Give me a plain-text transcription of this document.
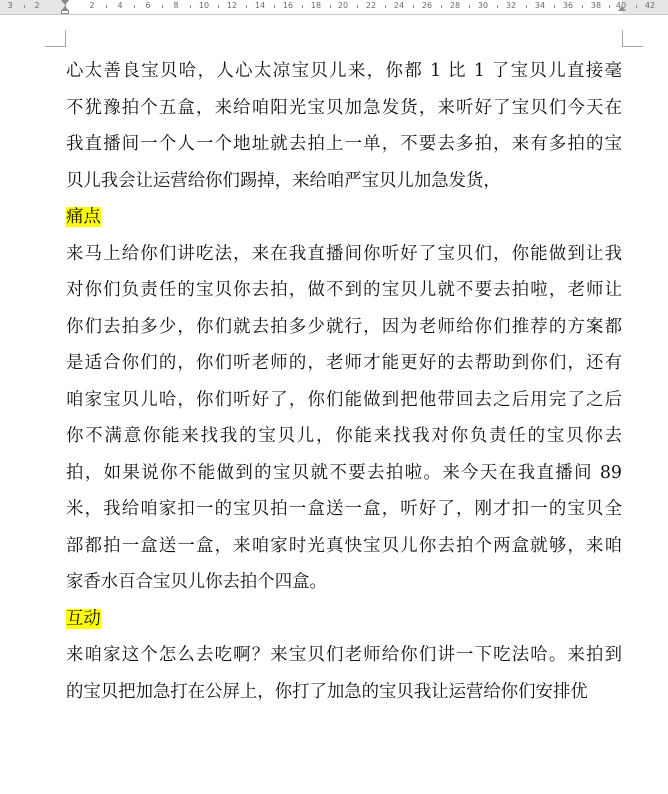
3	2	2	4	6	8	10 12 14 16 18 20 22 24 26 28 30 32 34 36 38 40 42
心太善良宝贝哈，人心太凉宝贝儿来，你都 1 比 1 了宝贝儿直接毫
不犹豫拍个五盒，来给咱阳光宝贝加急发货，来听好了宝贝们今天在
我直播间一个人一个地址就去拍上一单，不要去多拍，来有多拍的宝
贝儿我会让运营给你们踢掉，来给咱严宝贝儿加急发货，
痛点
来马上给你们讲吃法，来在我直播间你听好了宝贝们，你能做到让我
对你们负责任的宝贝你去拍，做不到的宝贝儿就不要去拍啦，老师让
你们去拍多少，你们就去拍多少就行，因为老师给你们推荐的方案都
是适合你们的，你们听老师的，老师才能更好的去帮助到你们，还有
咱家宝贝儿哈，你们听好了，你们能做到把他带回去之后用完了之后
你不满意你能来找我的宝贝儿，你能来找我对你负责任的宝贝你去
拍，如果说你不能做到的宝贝就不要去拍啦。来今天在我直播间 89
米，我给咱家扣一的宝贝拍一盒送一盒，听好了，刚才扣一的宝贝全
部都拍一盒送一盒，来咱家时光真快宝贝儿你去拍个两盒就够，来咱
家香水百合宝贝儿你去拍个四盒。
互动
来咱家这个怎么去吃啊？来宝贝们老师给你们讲一下吃法哈。来拍到
的宝贝把加急打在公屏上，你打了加急的宝贝我让运营给你们安排优
